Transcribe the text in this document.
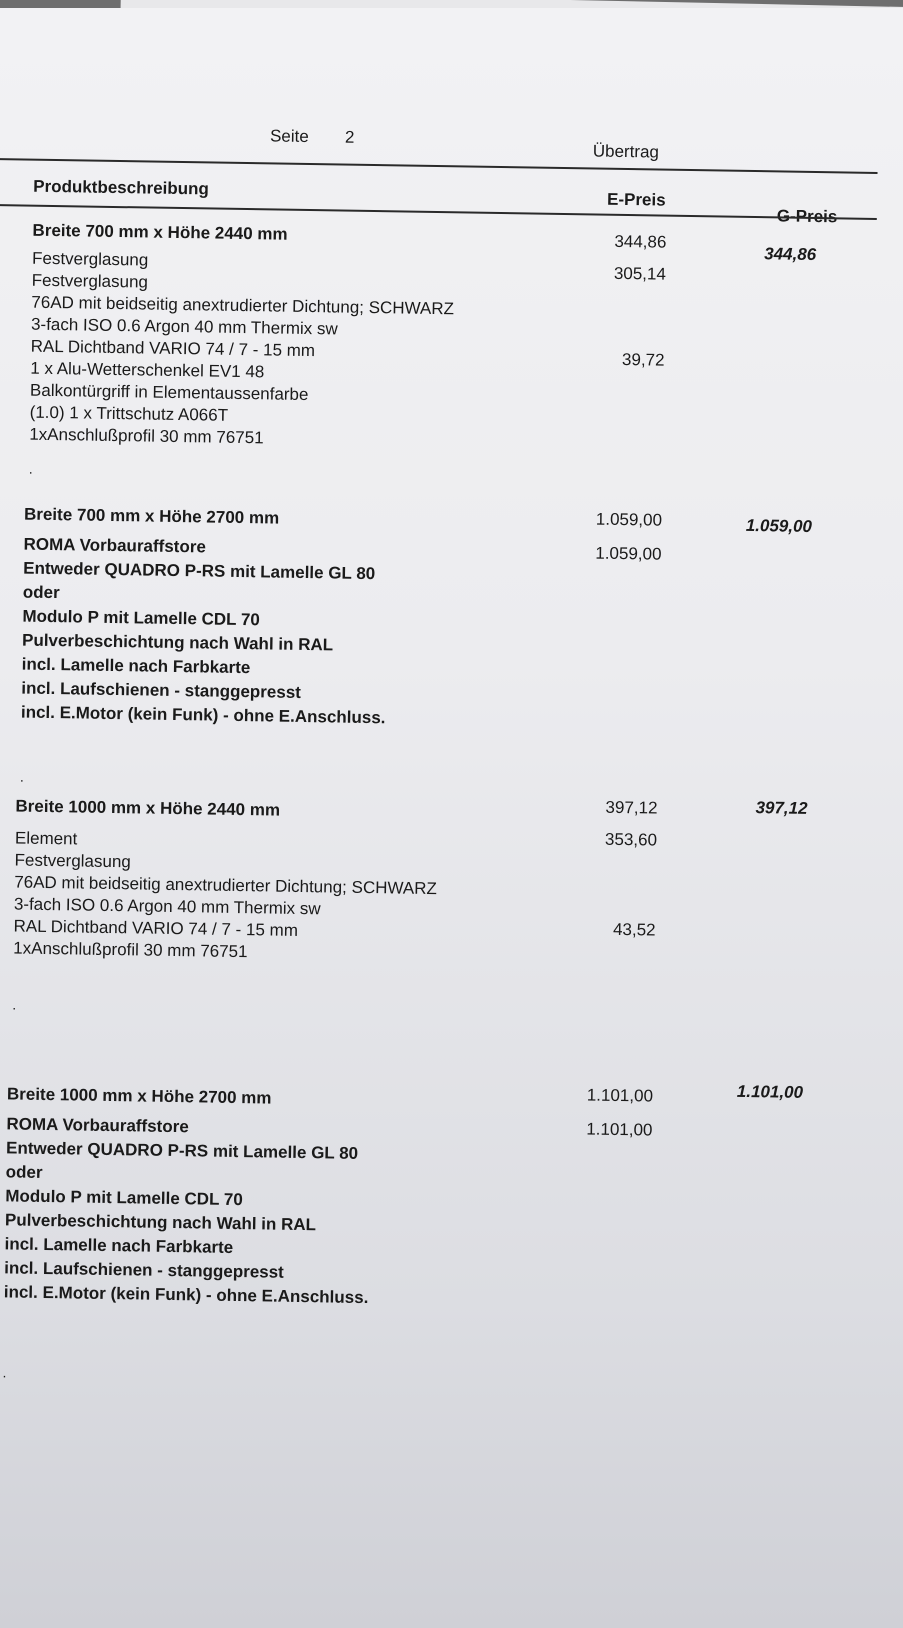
Seite 2
Übertrag
Produktbeschreibung
E-Preis
Breite 700 mm x Höhe 2440 mm
Festverglasung
Festverglasung
76AD mit beidseitig anextrudierter Dichtung; SCHWARZ
3-fach ISO 0.6 Argon 40 mm Thermix sw
RAL Dichtband VARIO 74 / 7 - 15 mm
1 x Alu-Wetterschenkel EV1 48
Balkontürgriff in Elementaussenfarbe
(1.0) 1 x Trittschutz A066T
1xAnschlußprofil 30 mm 76751
344,86
305,14
39,72
344,86
.
Breite 700 mm x Höhe 2700 mm
ROMA Vorbauraffstore
Entweder QUADRO P-RS mit Lamelle GL 80
oder
Modulo P mit Lamelle CDL 70
Pulverbeschichtung nach Wahl in RAL
incl. Lamelle nach Farbkarte
incl. Laufschienen - stanggepresst
incl. E.Motor (kein Funk) - ohne E.Anschluss.
1.059,00
1.059,00
1.059,00
.
Breite 1000 mm x Höhe 2440 mm
Element
Festverglasung
76AD mit beidseitig anextrudierter Dichtung; SCHWARZ
3-fach ISO 0.6 Argon 40 mm Thermix sw
RAL Dichtband VARIO 74 / 7 - 15 mm
1xAnschlußprofil 30 mm 76751
397,12
353,60
43,52
397,12
.
Breite 1000 mm x Höhe 2700 mm
ROMA Vorbauraffstore
Entweder QUADRO P-RS mit Lamelle GL 80
oder
Modulo P mit Lamelle CDL 70
Pulverbeschichtung nach Wahl in RAL
incl. Lamelle nach Farbkarte
incl. Laufschienen - stanggepresst
incl. E.Motor (kein Funk) - ohne E.Anschluss.
1.101,00
1.101,00
1.101,00
.
